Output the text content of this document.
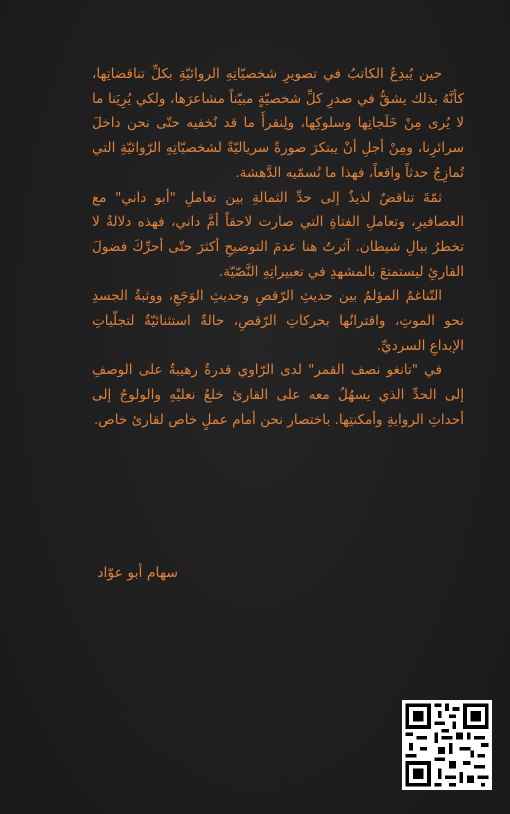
حين يُبدِعُ الكاتبُ في تصويرِ شخصيّاتِهِ الروائيّةِ بكلِّ تناقضاتِها، كأنَّهُ بذلك يشقُّ في صدرِ كلِّ شخصيّةٍ مبيّناً مشاعرَها، ولكي يُرِيَنا ما لا يُرى مِنْ خَلَجاتِها وسلوكِها، ولِنقرأَ ما قد نُخفيه حتّى نحن داخلَ سرائرِنا، ومِنْ أجلِ أنْ يبتكرَ صورةً سرياليّةً لشخصيّاتِهِ الرّوائيّةِ التي تُمازِجُ حدثاً واقعاً، فهذا ما نُسمّيه الدَّهشة.

ثمّةَ تناقضٌ لذيذٌ إلى حدِّ الثمالةِ بين تعاملِ "أبو داني" مع العصافيرِ، وتعاملِ الفتاةِ التي صارت لاحقاً أمَّ داني، فهذه دلالةٌ لا تخطرُ ببالِ شيطان. آثرتُ هنا عدمَ التوضيحِ أكثرَ حتّى أحرِّكَ فضولَ القارئِ ليستمتعَ بالمشهدِ في تعبيراتِهِ النَّصّيّة.

التّناغمُ المؤلمُ بين حديثِ الرّقصِ وحديثِ الوَجَعِ، ووثبةُ الجسدِ نحو الموتِ، واقترانُها بحركاتِ الرّقصِ، حالةٌ استثنائيّةٌ لتجلّياتِ الإبداعِ السرديِّ.

في "تانغو نصف القمر" لدى الرّاوي قدرةٌ رهيبةٌ على الوصفِ إلى الحدِّ الذي يسهُلُ معه على القارئ خلعُ نعليْهِ والولوجُ إلى أحداثِ الروايةِ وأمكنتِها. باختصار نحن أمام عملٍ خاص لقارئ خاص.

سهام أبو عوّاد
